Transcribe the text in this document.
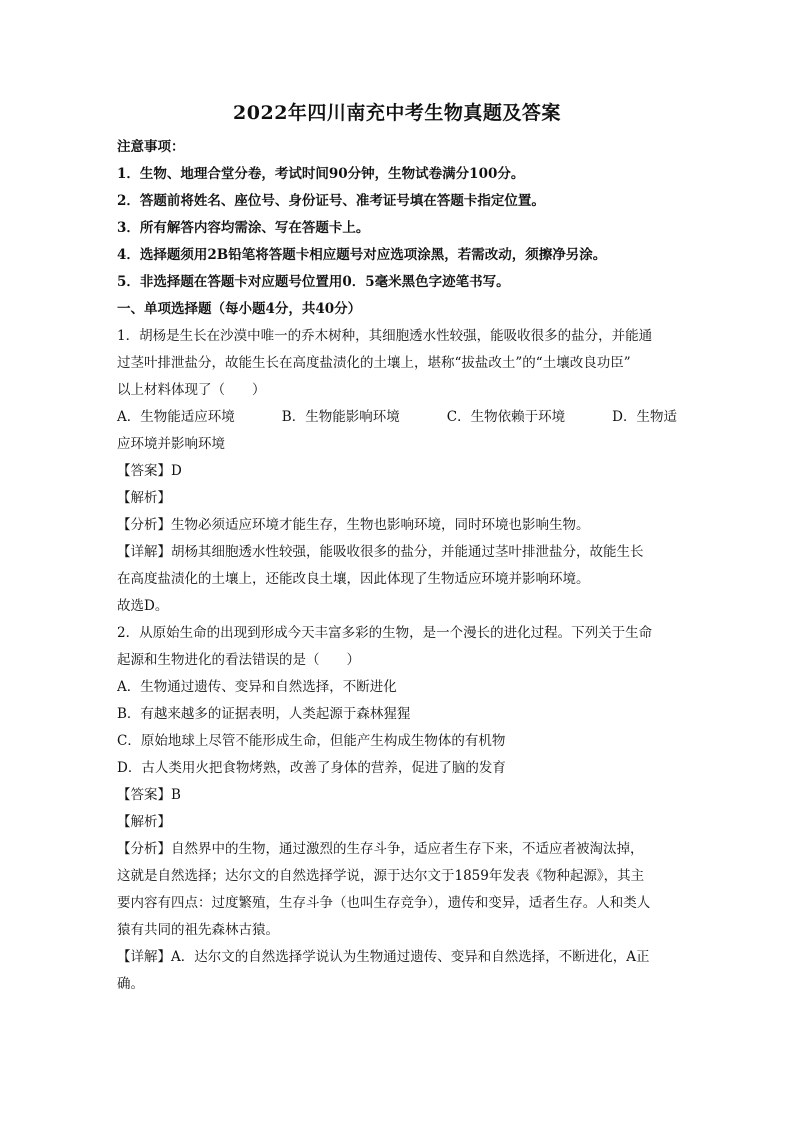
2022年四川南充中考生物真题及答案
注意事项：
1．生物、地理合堂分卷，考试时间90分钟，生物试卷满分100分。
2．答题前将姓名、座位号、身份证号、准考证号填在答题卡指定位置。
3．所有解答内容均需涂、写在答题卡上。
4．选择题须用2B铅笔将答题卡相应题号对应选项涂黑，若需改动，须擦净另涂。
5．非选择题在答题卡对应题号位置用0．5毫米黑色字迹笔书写。
一、单项选择题（每小题4分，共40分）
1．胡杨是生长在沙漠中唯一的乔木树种，其细胞透水性较强，能吸收很多的盐分，并能通
过茎叶排泄盐分，故能生长在高度盐渍化的土壤上，堪称“拔盐改土”的“土壤改良功臣”
以上材料体现了（　　）
A．生物能适应环境	B．生物能影响环境	C．生物依赖于环境	D．生物适
应环境并影响环境
【答案】D
【解析】
【分析】生物必须适应环境才能生存，生物也影响环境，同时环境也影响生物。
【详解】胡杨其细胞透水性较强，能吸收很多的盐分，并能通过茎叶排泄盐分，故能生长
在高度盐渍化的土壤上，还能改良土壤，因此体现了生物适应环境并影响环境。
故选D。
2．从原始生命的出现到形成今天丰富多彩的生物，是一个漫长的进化过程。下列关于生命
起源和生物进化的看法错误的是（　　）
A．生物通过遗传、变异和自然选择，不断进化
B．有越来越多的证据表明，人类起源于森林猩猩
C．原始地球上尽管不能形成生命，但能产生构成生物体的有机物
D．古人类用火把食物烤熟，改善了身体的营养，促进了脑的发育
【答案】B
【解析】
【分析】自然界中的生物，通过激烈的生存斗争，适应者生存下来，不适应者被淘汰掉，
这就是自然选择；达尔文的自然选择学说，源于达尔文于1859年发表《物种起源》，其主
要内容有四点：过度繁殖，生存斗争（也叫生存竞争），遗传和变异，适者生存。人和类人
猿有共同的祖先森林古猿。
【详解】A．达尔文的自然选择学说认为生物通过遗传、变异和自然选择，不断进化，A正
确。
